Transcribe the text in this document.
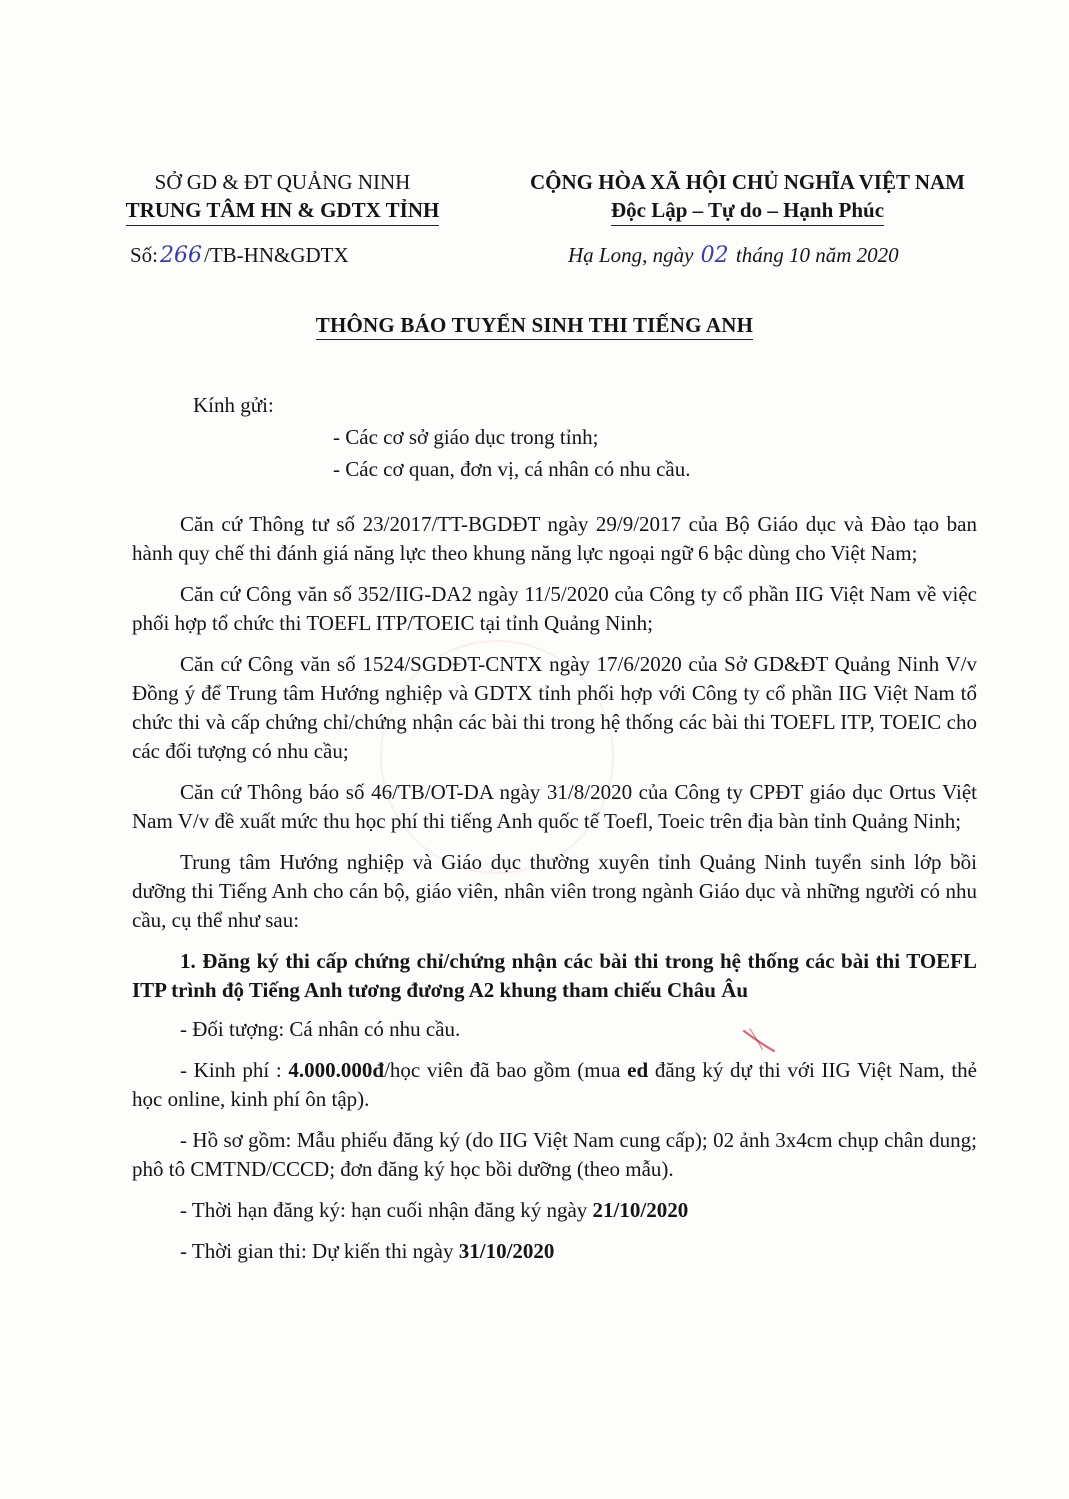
SỞ GD & ĐT QUẢNG NINH
TRUNG TÂM HN & GDTX TỈNH
CỘNG HÒA XÃ HỘI CHỦ NGHĨA VIỆT NAM
Độc Lập – Tự do – Hạnh Phúc
Số:266/TB-HN&GDTX	Hạ Long, ngày 02 tháng 10 năm 2020
THÔNG BÁO TUYỂN SINH THI TIẾNG ANH
Kính gửi:
- Các cơ sở giáo dục trong tỉnh;
- Các cơ quan, đơn vị, cá nhân có nhu cầu.

Căn cứ Thông tư số 23/2017/TT-BGDĐT ngày 29/9/2017 của Bộ Giáo dục và Đào tạo ban hành quy chế thi đánh giá năng lực theo khung năng lực ngoại ngữ 6 bậc dùng cho Việt Nam;

Căn cứ Công văn số 352/IIG-DA2 ngày 11/5/2020 của Công ty cổ phần IIG Việt Nam về việc phối hợp tổ chức thi TOEFL ITP/TOEIC tại tỉnh Quảng Ninh;

Căn cứ Công văn số 1524/SGDĐT-CNTX ngày 17/6/2020 của Sở GD&ĐT Quảng Ninh V/v Đồng ý để Trung tâm Hướng nghiệp và GDTX tỉnh phối hợp với Công ty cổ phần IIG Việt Nam tổ chức thi và cấp chứng chỉ/chứng nhận các bài thi trong hệ thống các bài thi TOEFL ITP, TOEIC cho các đối tượng có nhu cầu;

Căn cứ Thông báo số 46/TB/OT-DA ngày 31/8/2020 của Công ty CPĐT giáo dục Ortus Việt Nam V/v đề xuất mức thu học phí thi tiếng Anh quốc tế Toefl, Toeic trên địa bàn tỉnh Quảng Ninh;

Trung tâm Hướng nghiệp và Giáo dục thường xuyên tỉnh Quảng Ninh tuyển sinh lớp bồi dưỡng thi Tiếng Anh cho cán bộ, giáo viên, nhân viên trong ngành Giáo dục và những người có nhu cầu, cụ thể như sau:

1. Đăng ký thi cấp chứng chỉ/chứng nhận các bài thi trong hệ thống các bài thi TOEFL ITP trình độ Tiếng Anh tương đương A2 khung tham chiếu Châu Âu

- Đối tượng: Cá nhân có nhu cầu.

- Kinh phí : 4.000.000đ/học viên đã bao gồm (mua ed đăng ký dự thi với IIG Việt Nam, thẻ học online, kinh phí ôn tập).

- Hồ sơ gồm: Mẫu phiếu đăng ký (do IIG Việt Nam cung cấp); 02 ảnh 3x4cm chụp chân dung; phô tô CMTND/CCCD; đơn đăng ký học bồi dưỡng (theo mẫu).

- Thời hạn đăng ký: hạn cuối nhận đăng ký ngày 21/10/2020

- Thời gian thi: Dự kiến thi ngày 31/10/2020
